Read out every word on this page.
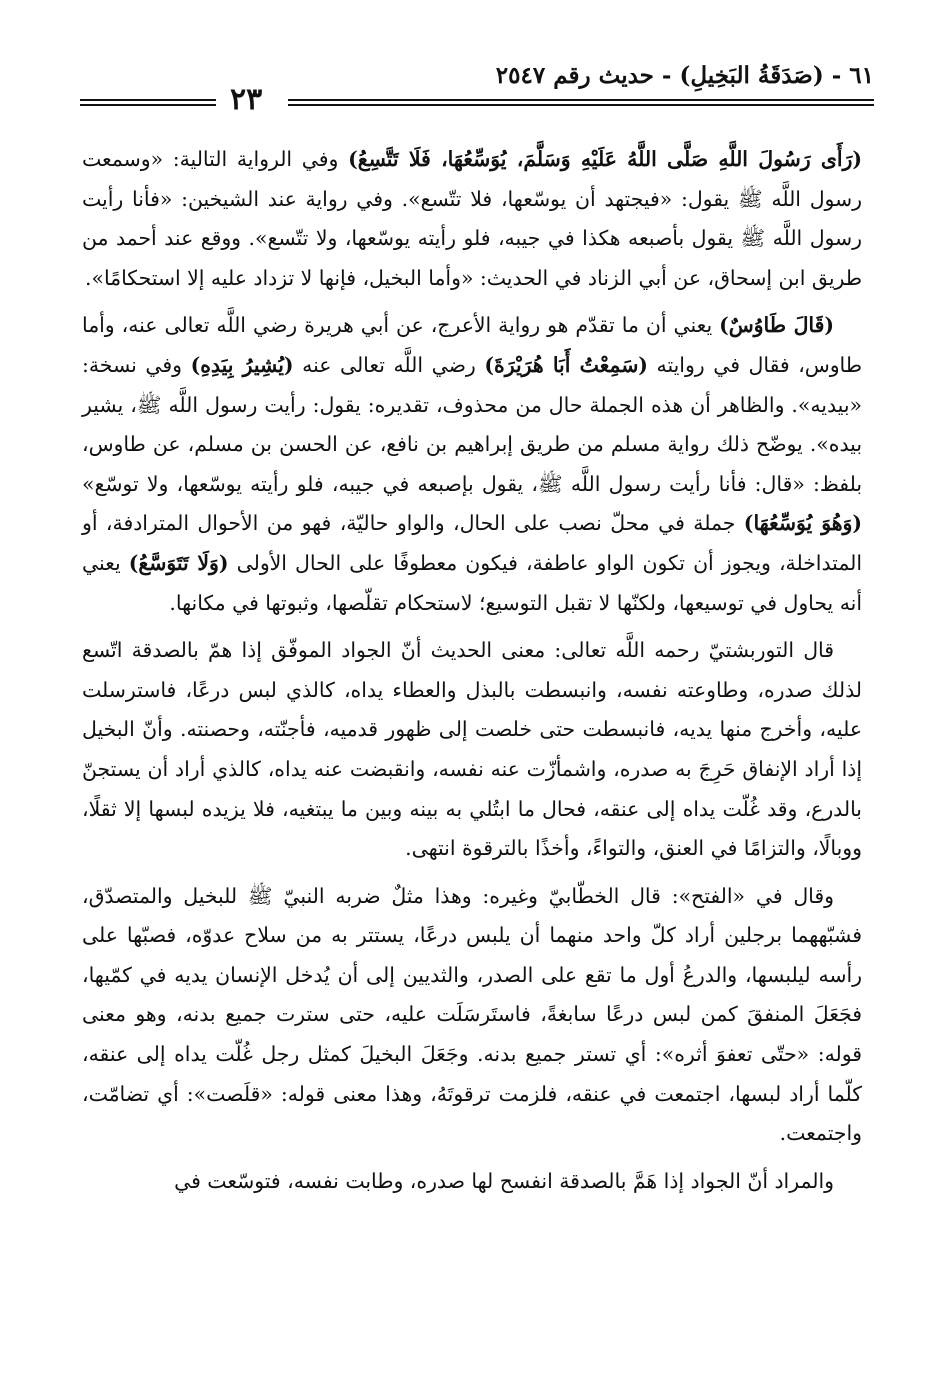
٢٣
٦١ - (صَدَقَةُ البَخِيلِ) - حديث رقم ٢٥٤٧

(رَأَى رَسُولَ اللَّهِ صَلَّى اللَّهُ عَلَيْهِ وَسَلَّمَ، يُوَسِّعُهَا، فَلَا تَتَّسِعُ) وفي الرواية التالية: «وسمعت رسول اللَّه ﷺ يقول: «فيجتهد أن يوسّعها، فلا تتّسع». وفي رواية عند الشيخين: «فأنا رأيت رسول اللَّه ﷺ يقول بأصبعه هكذا في جيبه، فلو رأيته يوسّعها، ولا تتّسع». ووقع عند أحمد من طريق ابن إسحاق، عن أبي الزناد في الحديث: «وأما البخيل، فإنها لا تزداد عليه إلا استحكامًا».

(قَالَ طَاوُسٌ) يعني أن ما تقدّم هو رواية الأعرج، عن أبي هريرة رضي اللَّه تعالى عنه، وأما طاوس، فقال في روايته (سَمِعْتُ أَبَا هُرَيْرَةَ) رضي اللَّه تعالى عنه (يُشِيرُ بِيَدِهِ) وفي نسخة: «بيديه». والظاهر أن هذه الجملة حال من محذوف، تقديره: يقول: رأيت رسول اللَّه ﷺ، يشير بيده». يوضّح ذلك رواية مسلم من طريق إبراهيم بن نافع، عن الحسن بن مسلم، عن طاوس، بلفظ: «قال: فأنا رأيت رسول اللَّه ﷺ، يقول بإصبعه في جيبه، فلو رأيته يوسّعها، ولا توسّع» (وَهُوَ يُوَسِّعُهَا) جملة في محلّ نصب على الحال، والواو حاليّة، فهو من الأحوال المترادفة، أو المتداخلة، ويجوز أن تكون الواو عاطفة، فيكون معطوفًا على الحال الأولى (وَلَا تَتَوَسَّعُ) يعني أنه يحاول في توسيعها، ولكنّها لا تقبل التوسيع؛ لاستحكام تقلّصها، وثبوتها في مكانها.

قال التوربشتيّ رحمه اللَّه تعالى: معنى الحديث أنّ الجواد الموفّق إذا همّ بالصدقة اتّسع لذلك صدره، وطاوعته نفسه، وانبسطت بالبذل والعطاء يداه، كالذي لبس درعًا، فاسترسلت عليه، وأخرج منها يديه، فانبسطت حتى خلصت إلى ظهور قدميه، فأجنّته، وحصنته. وأنّ البخيل إذا أراد الإنفاق حَرِجَ به صدره، واشمأزّت عنه نفسه، وانقبضت عنه يداه، كالذي أراد أن يستجنّ بالدرع، وقد غُلّت يداه إلى عنقه، فحال ما ابتُلي به بينه وبين ما يبتغيه، فلا يزيده لبسها إلا ثقلًا، ووبالًا، والتزامًا في العنق، والتواءً، وأخذًا بالترقوة انتهى.

وقال في «الفتح»: قال الخطّابيّ وغيره: وهذا مثلٌ ضربه النبيّ ﷺ للبخيل والمتصدّق، فشبّههما برجلين أراد كلّ واحد منهما أن يلبس درعًا، يستتر به من سلاح عدوّه، فصبّها على رأسه ليلبسها، والدرعُ أول ما تقع على الصدر، والثديين إلى أن يُدخل الإنسان يديه في كمّيها، فجَعَلَ المنفقَ كمن لبس درعًا سابغةً، فاستَرسَلَت عليه، حتى سترت جميع بدنه، وهو معنى قوله: «حتّى تعفوَ أثره»: أي تستر جميع بدنه. وجَعَلَ البخيلَ كمثل رجل غُلّت يداه إلى عنقه، كلّما أراد لبسها، اجتمعت في عنقه، فلزمت ترقوتَهُ، وهذا معنى قوله: «قلَصت»: أي تضامّت، واجتمعت.

والمراد أنّ الجواد إذا هَمَّ بالصدقة انفسح لها صدره، وطابت نفسه، فتوسّعت في
